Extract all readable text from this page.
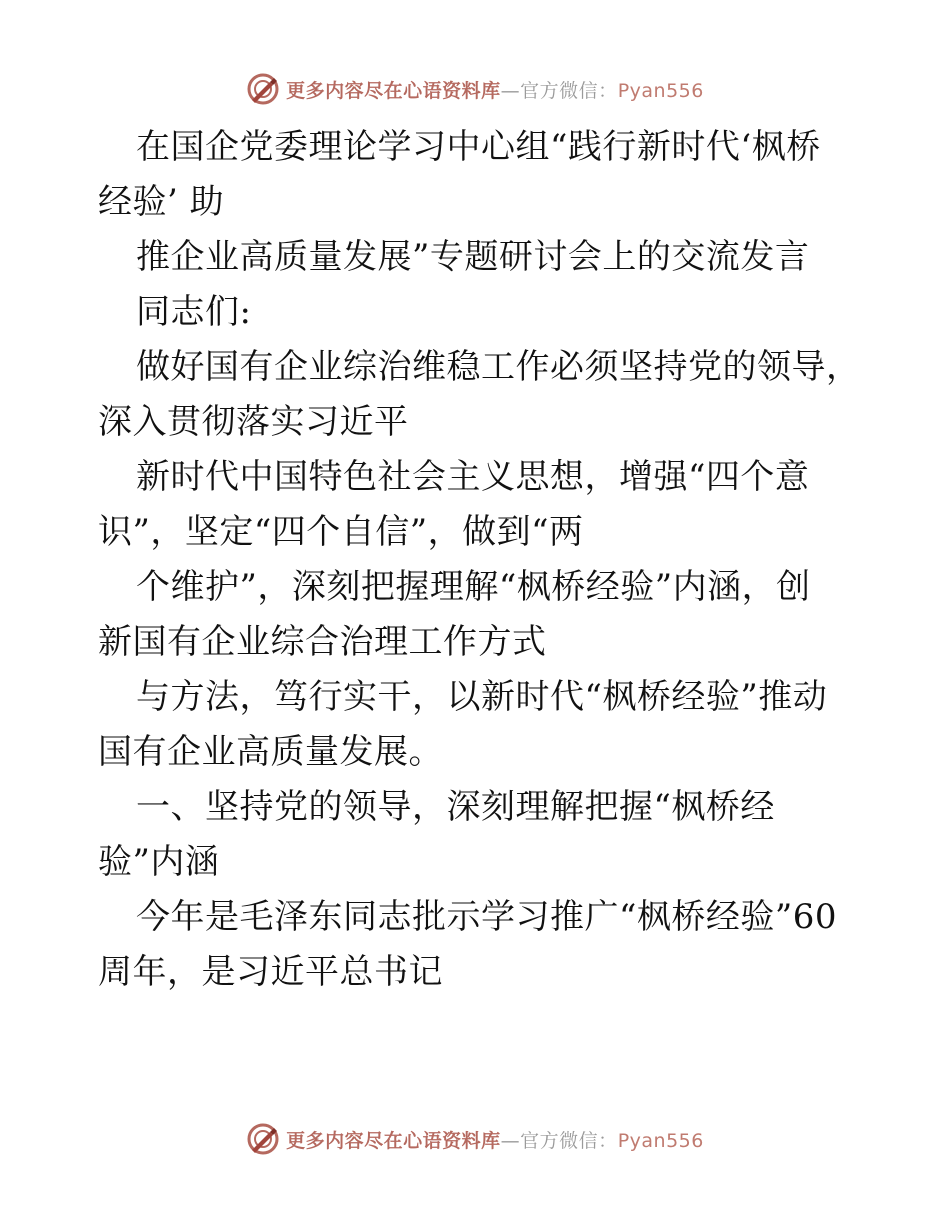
更多内容尽在心语资料库—官方微信：Pyan556
在国企党委理论学习中心组“践行新时代‘枫桥
经验’ 助
推企业高质量发展”专题研讨会上的交流发言
同志们:
做好国有企业综治维稳工作必须坚持党的领导，
深入贯彻落实习近平
新时代中国特色社会主义思想，增强“四个意
识”，坚定“四个自信”，做到“两
个维护”，深刻把握理解“枫桥经验”内涵，创
新国有企业综合治理工作方式
与方法，笃行实干，以新时代“枫桥经验”推动
国有企业高质量发展。
一、坚持党的领导，深刻理解把握“枫桥经
验”内涵
今年是毛泽东同志批示学习推广“枫桥经验”60
周年，是习近平总书记
更多内容尽在心语资料库—官方微信：Pyan556
